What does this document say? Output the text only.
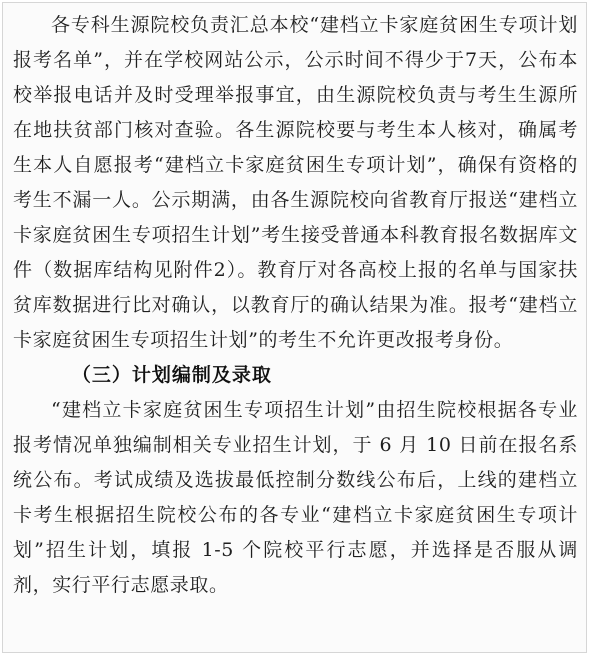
各专科生源院校负责汇总本校“建档立卡家庭贫困生专项计划报考名单”，并在学校网站公示，公示时间不得少于7天，公布本校举报电话并及时受理举报事宜，由生源院校负责与考生生源所在地扶贫部门核对查验。各生源院校要与考生本人核对，确属考生本人自愿报考“建档立卡家庭贫困生专项计划”，确保有资格的考生不漏一人。公示期满，由各生源院校向省教育厅报送“建档立卡家庭贫困生专项招生计划”考生接受普通本科教育报名数据库文件（数据库结构见附件2）。教育厅对各高校上报的名单与国家扶贫库数据进行比对确认，以教育厅的确认结果为准。报考“建档立卡家庭贫困生专项招生计划”的考生不允许更改报考身份。

（三）计划编制及录取

“建档立卡家庭贫困生专项招生计划”由招生院校根据各专业报考情况单独编制相关专业招生计划，于 6 月 10 日前在报名系统公布。考试成绩及选拔最低控制分数线公布后，上线的建档立卡考生根据招生院校公布的各专业“建档立卡家庭贫困生专项计划”招生计划，填报 1-5 个院校平行志愿，并选择是否服从调剂，实行平行志愿录取。
